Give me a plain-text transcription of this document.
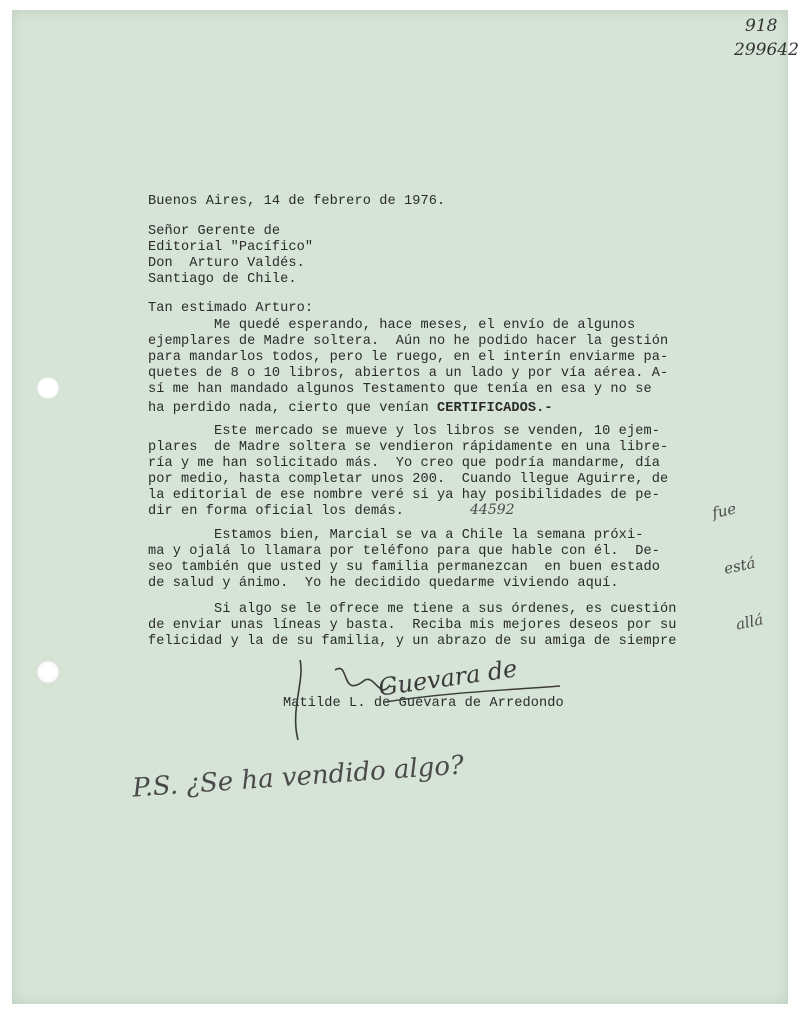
918
299642
Buenos Aires, 14 de febrero de 1976.
Señor Gerente de
Editorial "Pacífico"
Don  Arturo Valdés.
Santiago de Chile.
Tan estimado Arturo:
Me quedé esperando, hace meses, el envío de algunos
ejemplares de Madre soltera.  Aún no he podido hacer la gestión
para mandarlos todos, pero le ruego, en el interín enviarme pa-
quetes de 8 o 10 libros, abiertos a un lado y por vía aérea. A-
sí me han mandado algunos Testamento que tenía en esa y no se
ha perdido nada, cierto que venían CERTIFICADOS.-
Este mercado se mueve y los libros se venden, 10 ejem-
plares  de Madre soltera se vendieron rápidamente en una libre-
ría y me han solicitado más.  Yo creo que podría mandarme, día
por medio, hasta completar unos 200.  Cuando llegue Aguirre, de
la editorial de ese nombre veré si ya hay posibilidades de pe-
dir en forma oficial los demás.
Estamos bien, Marcial se va a Chile la semana próxi-
ma y ojalá lo llamara por teléfono para que hable con él.  De-
seo también que usted y su familia permanezcan  en buen estado
de salud y ánimo.  Yo he decidido quedarme viviendo aquí.
Si algo se le ofrece me tiene a sus órdenes, es cuestión
de enviar unas líneas y basta.  Reciba mis mejores deseos por su
felicidad y la de su familia, y un abrazo de su amiga de siempre
Matilde L. de Guevara de Arredondo
Guevara de

fue

está

allá

44592
P.S. ¿Se ha vendido algo?
